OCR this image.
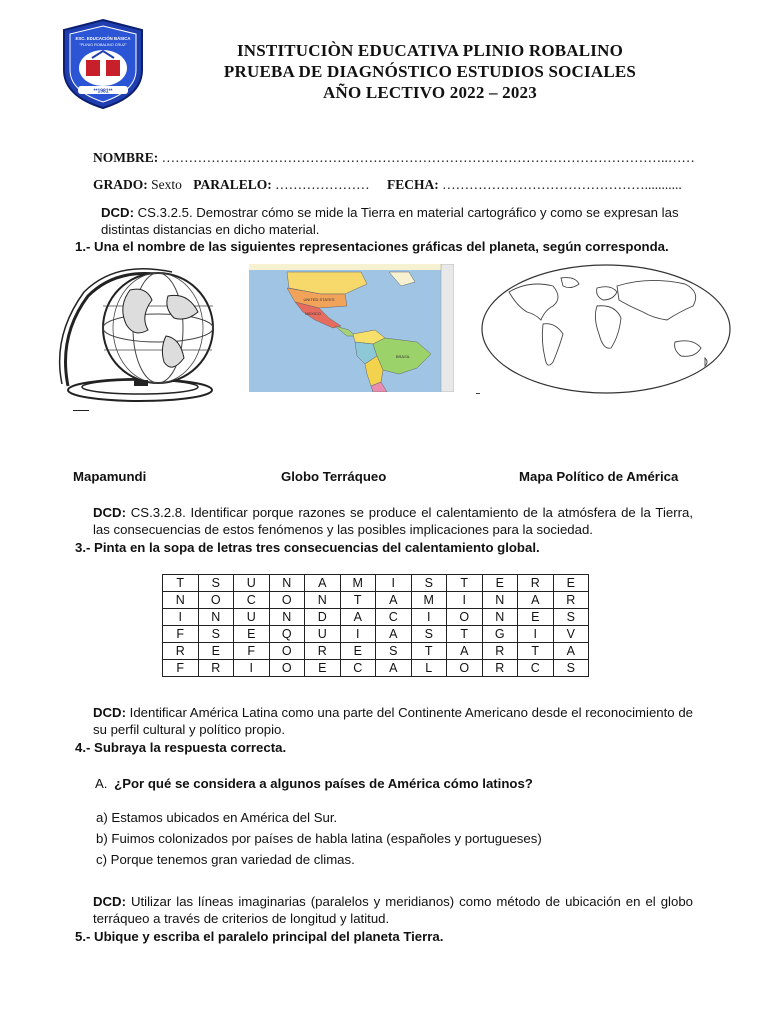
ESC. EDUCACIÓN BÁSICA
"PLINIO ROBALINO CRUZ"
**1981**
INSTITUCIÒN EDUCATIVA PLINIO ROBALINO
PRUEBA DE DIAGNÓSTICO ESTUDIOS SOCIALES
AÑO LECTIVO 2022 – 2023
NOMBRE: …………………………………………………………………………………………………..……
GRADO: Sexto PARALELO: ………………… FECHA: ………………………………………...........
DCD: CS.3.2.5. Demostrar cómo se mide la Tierra en material cartográfico y como se expresan las distintas distancias en dicho material.
1.- Una el nombre de las siguientes representaciones gráficas del planeta, según corresponda.
UNITED STATES
MEXICO
BRASIL
Mapamundi	Globo Terráqueo	Mapa Político de América
DCD: CS.3.2.8. Identificar porque razones se produce el calentamiento de la atmósfera de la Tierra, las consecuencias de estos fenómenos y las posibles implicaciones para la sociedad.
3.- Pinta en la sopa de letras tres consecuencias del calentamiento global.
T	S	U	N	A	M	I	S	T	E	R	E
N	O	C	O	N	T	A	M	I	N	A	R
I	N	U	N	D	A	C	I	O	N	E	S
F	S	E	Q	U	I	A	S	T	G	I	V
R	E	F	O	R	E	S	T	A	R	T	A
F	R	I	O	E	C	A	L	O	R	C	S
DCD: Identificar América Latina como una parte del Continente Americano desde el reconocimiento de su perfil cultural y político propio.
4.- Subraya la respuesta correcta.
A. ¿Por qué se considera a algunos países de América cómo latinos?
a) Estamos ubicados en América del Sur.
b) Fuimos colonizados por países de habla latina (españoles y portugueses)
c) Porque tenemos gran variedad de climas.
DCD: Utilizar las líneas imaginarias (paralelos y meridianos) como método de ubicación en el globo terráqueo a través de criterios de longitud y latitud.
5.- Ubique y escriba el paralelo principal del planeta Tierra.
